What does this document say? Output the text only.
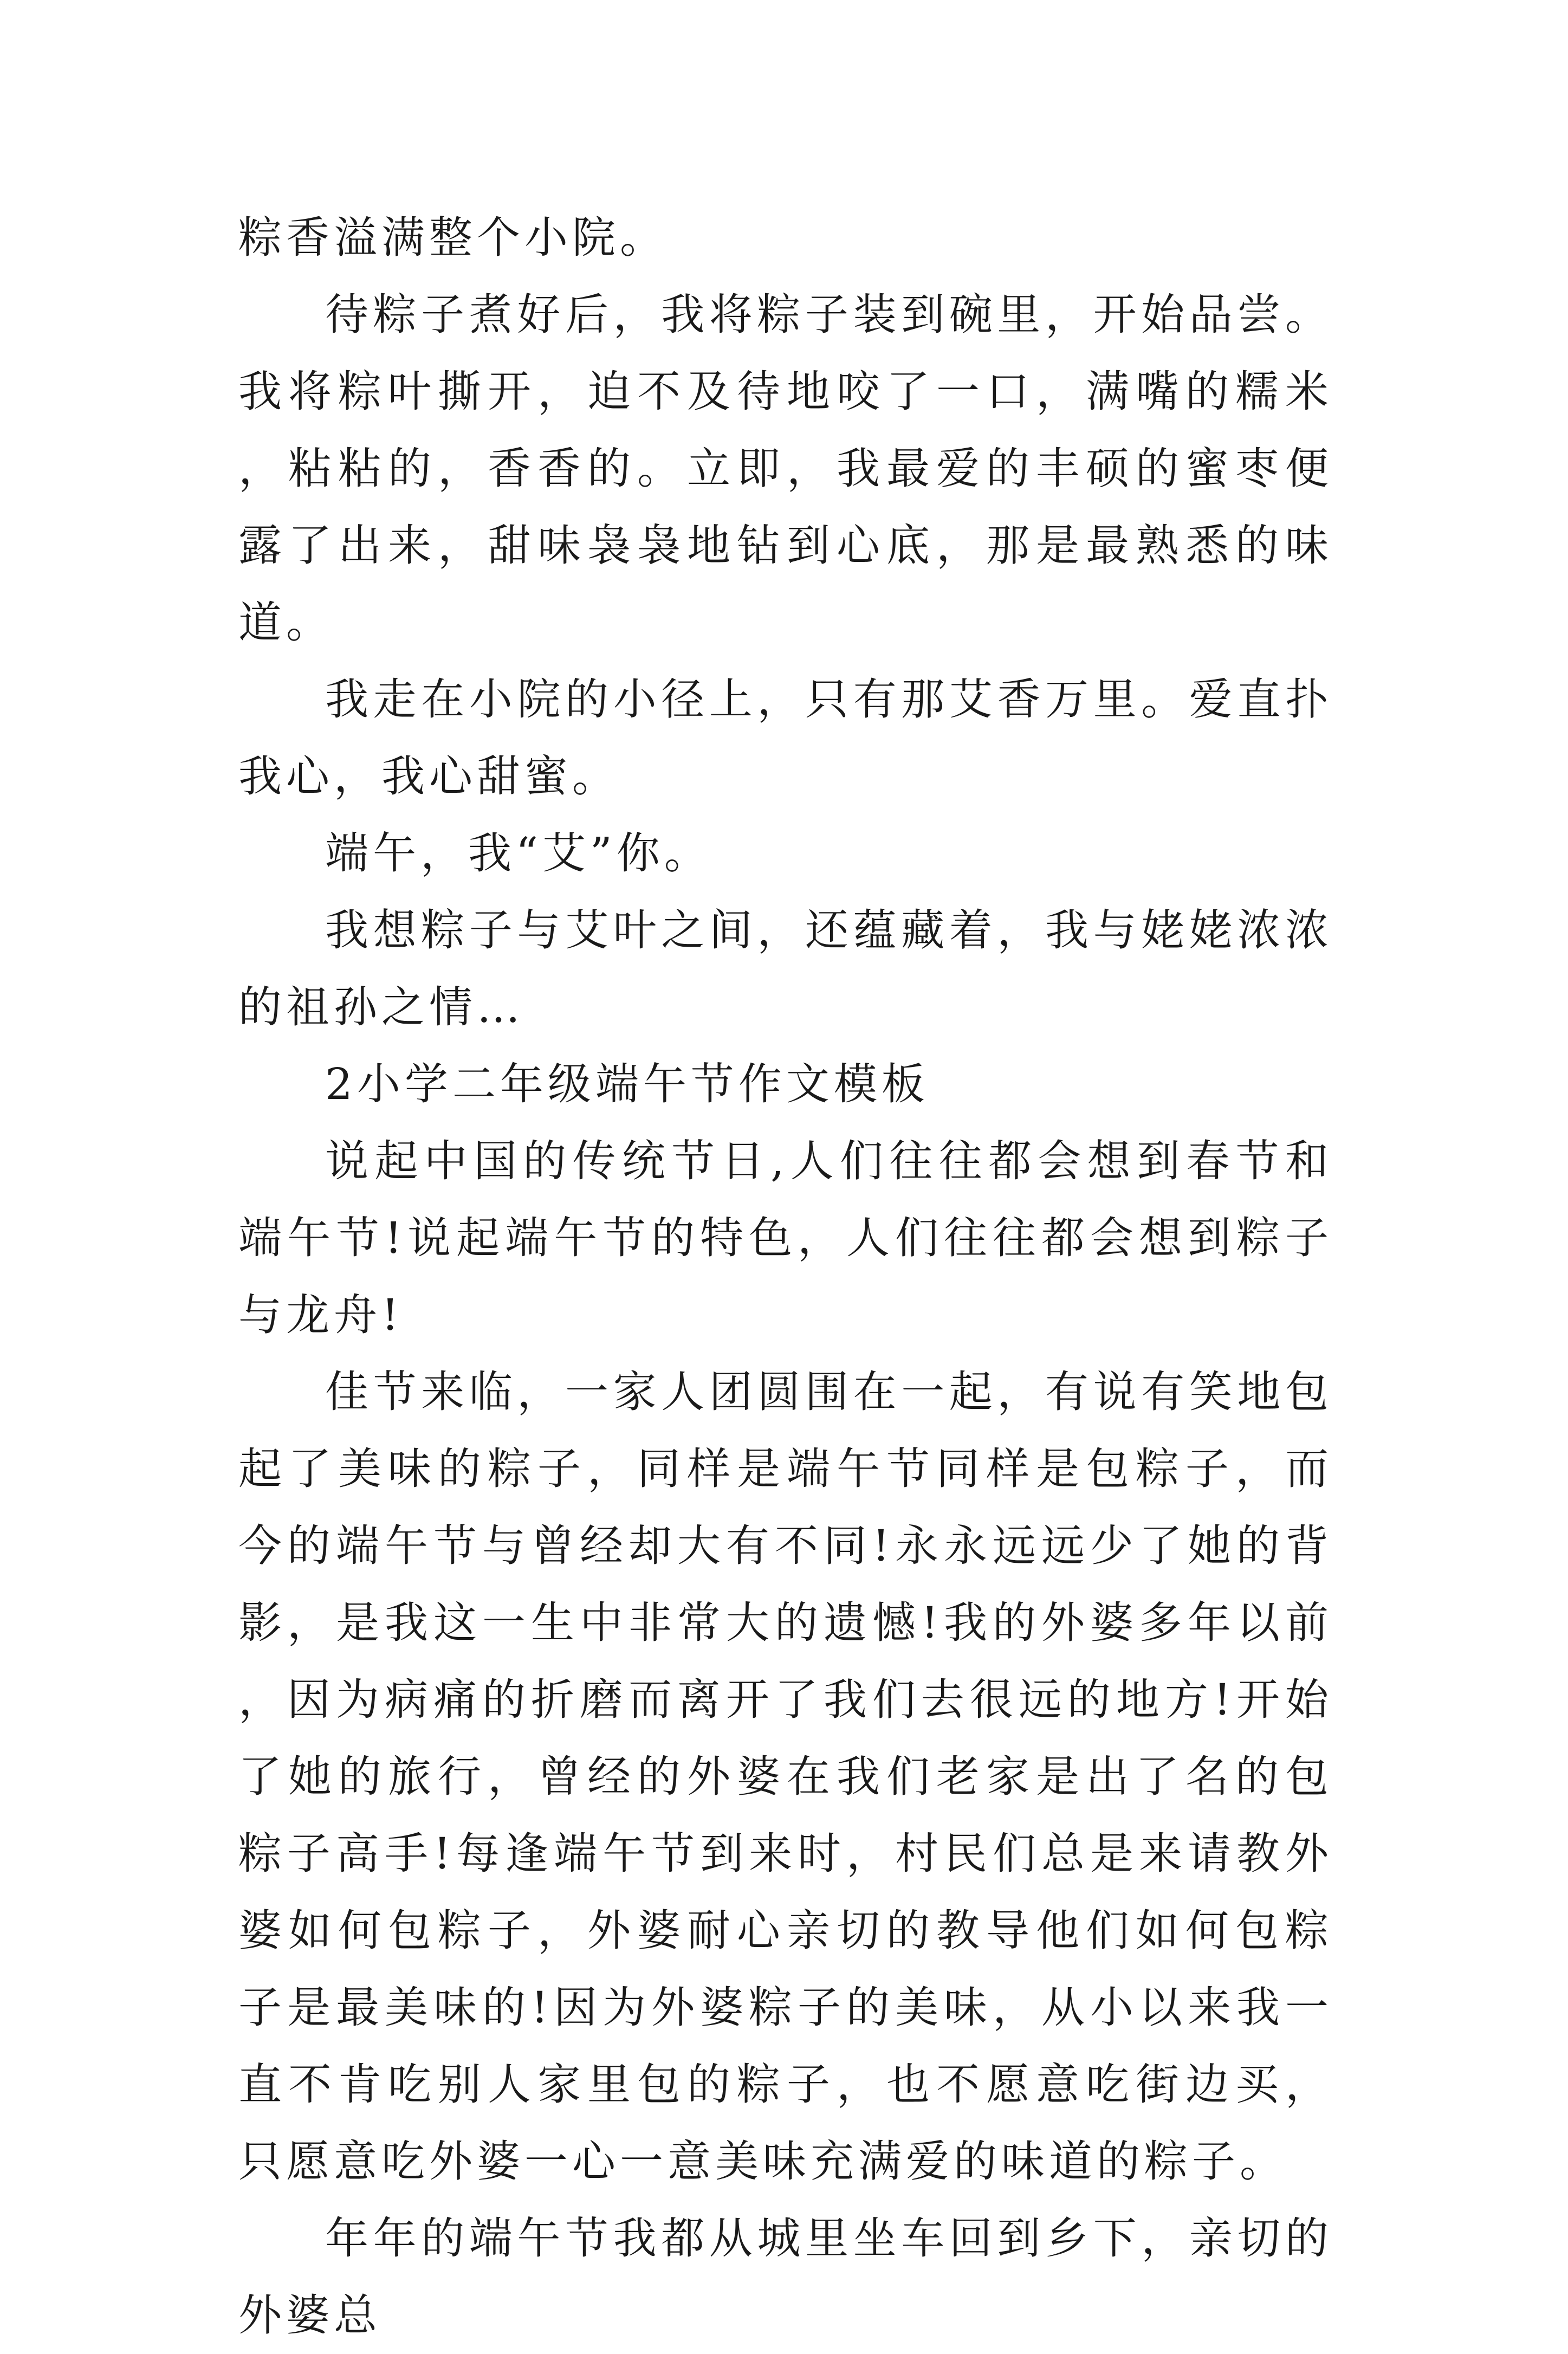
粽香溢满整个小院。

待粽子煮好后，我将粽子装到碗里，开始品尝。我将粽叶撕开，迫不及待地咬了一口，满嘴的糯米，粘粘的，香香的。立即，我最爱的丰硕的蜜枣便露了出来，甜味袅袅地钻到心底，那是最熟悉的味道。

我走在小院的小径上，只有那艾香万里。爱直扑我心，我心甜蜜。

端午，我“艾”你。

我想粽子与艾叶之间，还蕴藏着，我与姥姥浓浓的祖孙之情…

2小学二年级端午节作文模板

说起中国的传统节日,人们往往都会想到春节和端午节!说起端午节的特色，人们往往都会想到粽子与龙舟!

佳节来临，一家人团圆围在一起，有说有笑地包起了美味的粽子，同样是端午节同样是包粽子，而今的端午节与曾经却大有不同!永永远远少了她的背影，是我这一生中非常大的遗憾!我的外婆多年以前，因为病痛的折磨而离开了我们去很远的地方!开始了她的旅行，曾经的外婆在我们老家是出了名的包粽子高手!每逢端午节到来时，村民们总是来请教外婆如何包粽子，外婆耐心亲切的教导他们如何包粽子是最美味的!因为外婆粽子的美味，从小以来我一直不肯吃别人家里包的粽子，也不愿意吃街边买，只愿意吃外婆一心一意美味充满爱的味道的粽子。

年年的端午节我都从城里坐车回到乡下，亲切的外婆总
